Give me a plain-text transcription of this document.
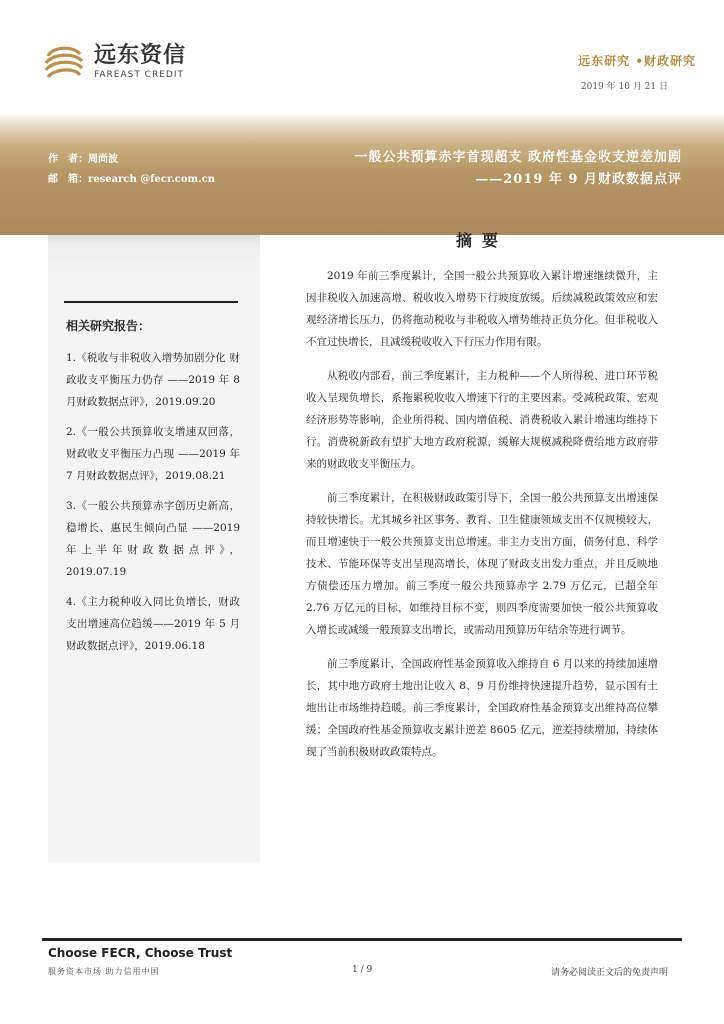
远东资信
FAREAST CREDIT
远东研究 •财政研究
2019 年 10 月 21 日
作　者：周尚波
邮　箱：research @fecr.com.cn
一般公共预算赤字首现超支 政府性基金收支逆差加剧
——2019 年 9 月财政数据点评
相关研究报告：
1.《税收与非税收入增势加剧分化 财政收支平衡压力仍存 ——2019 年 8 月财政数据点评》，2019.09.20
2.《一般公共预算收支增速双回落，财政收支平衡压力凸现 ——2019 年 7 月财政数据点评》，2019.08.21
3.《一般公共预算赤字创历史新高，稳增长、惠民生倾向凸显 ——2019 年上半年财政数据点评》，2019.07.19
4.《主力税种收入同比负增长，财政支出增速高位趋缓——2019 年 5 月财政数据点评》，2019.06.18
摘要

2019 年前三季度累计，全国一般公共预算收入累计增速继续微升，主因非税收入加速高增、税收收入增势下行坡度放缓。后续减税政策效应和宏观经济增长压力，仍将拖动税收与非税收入增势维持正负分化。但非税收入不宜过快增长，且减缓税收收入下行压力作用有限。

从税收内部看，前三季度累计，主力税种——个人所得税、进口环节税收入呈现负增长，系拖累税收收入增速下行的主要因素。受减税政策、宏观经济形势等影响，企业所得税、国内增值税、消费税收入累计增速均维持下行。消费税新政有望扩大地方政府税源，缓解大规模减税降费给地方政府带来的财政收支平衡压力。

前三季度累计，在积极财政政策引导下，全国一般公共预算支出增速保持较快增长。尤其城乡社区事务、教育、卫生健康领域支出不仅规模较大，而且增速快于一般公共预算支出总增速。非主力支出方面，债务付息、科学技术、节能环保等支出呈现高增长，体现了财政支出发力重点，并且反映地方债偿还压力增加。前三季度一般公共预算赤字 2.79 万亿元，已超全年 2.76 万亿元的目标，如维持目标不变，则四季度需要加快一般公共预算收入增长或减缓一般预算支出增长，或需动用预算历年结余等进行调节。

前三季度累计，全国政府性基金预算收入维持自 6 月以来的持续加速增长，其中地方政府土地出让收入 8、9 月份维持快速提升趋势，显示国有土地出让市场维持趋暖。前三季度累计，全国政府性基金预算支出维持高位攀缓；全国政府性基金预算收支累计逆差 8605 亿元，逆差持续增加，持续体现了当前积极财政政策特点。

Choose FECR, Choose Trust
服务资本市场 助力信用中国	1 / 9	请务必阅读正文后的免责声明
